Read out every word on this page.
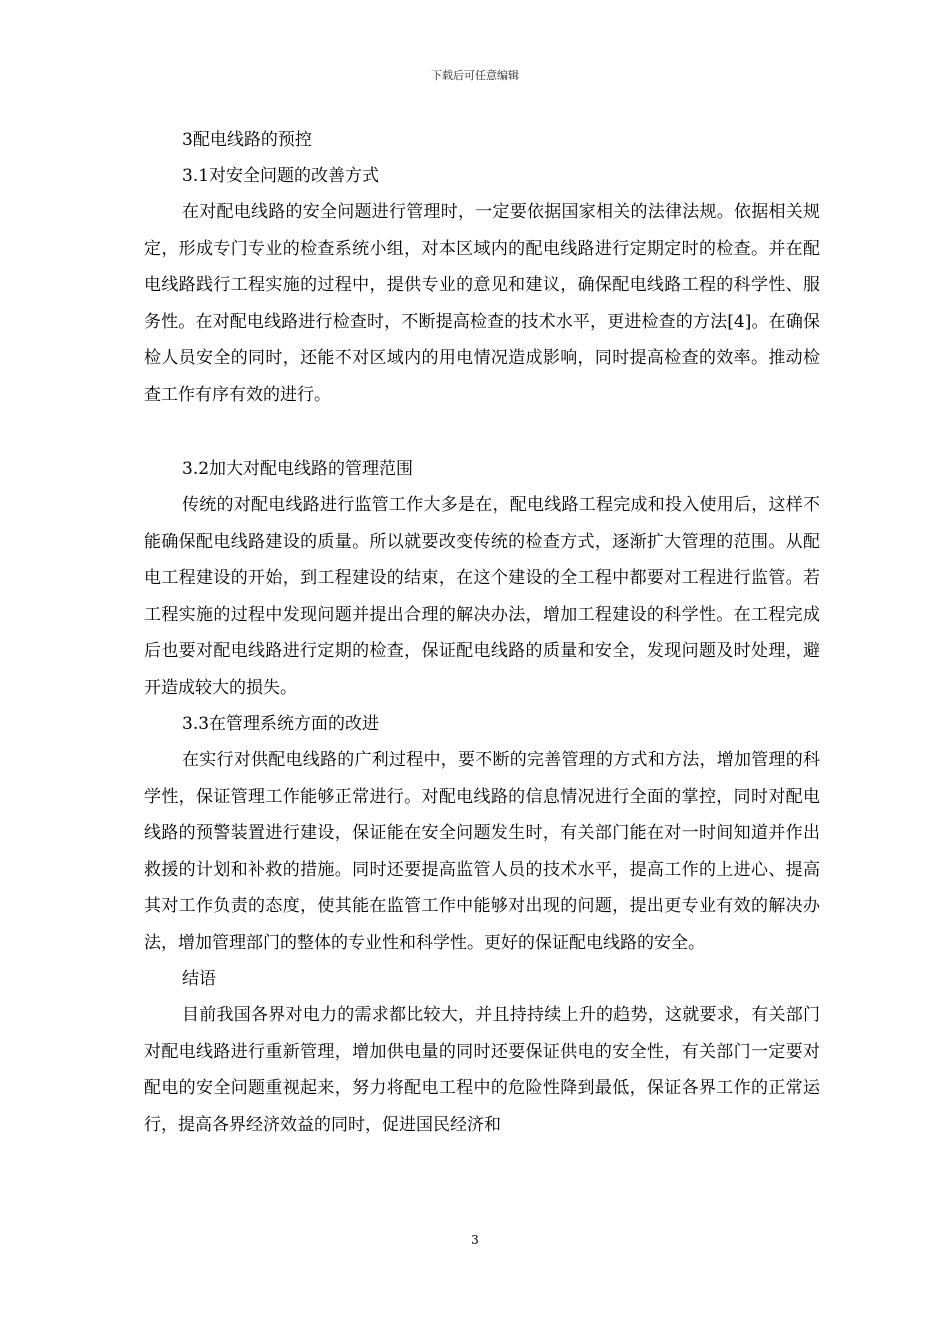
下载后可任意编辑

3配电线路的预控

3.1对安全问题的改善方式

在对配电线路的安全问题进行管理时，一定要依据国家相关的法律法规。依据相关规定，形成专门专业的检查系统小组，对本区域内的配电线路进行定期定时的检查。并在配电线路践行工程实施的过程中，提供专业的意见和建议，确保配电线路工程的科学性、服务性。在对配电线路进行检查时，不断提高检查的技术水平，更进检查的方法[4]。在确保检人员安全的同时，还能不对区域内的用电情况造成影响，同时提高检查的效率。推动检查工作有序有效的进行。

3.2加大对配电线路的管理范围

传统的对配电线路进行监管工作大多是在，配电线路工程完成和投入使用后，这样不能确保配电线路建设的质量。所以就要改变传统的检查方式，逐渐扩大管理的范围。从配电工程建设的开始，到工程建设的结束，在这个建设的全工程中都要对工程进行监管。若工程实施的过程中发现问题并提出合理的解决办法，增加工程建设的科学性。在工程完成后也要对配电线路进行定期的检查，保证配电线路的质量和安全，发现问题及时处理，避开造成较大的损失。

3.3在管理系统方面的改进

在实行对供配电线路的广利过程中，要不断的完善管理的方式和方法，增加管理的科学性，保证管理工作能够正常进行。对配电线路的信息情况进行全面的掌控，同时对配电线路的预警装置进行建设，保证能在安全问题发生时，有关部门能在对一时间知道并作出救援的计划和补救的措施。同时还要提高监管人员的技术水平，提高工作的上进心、提高其对工作负责的态度，使其能在监管工作中能够对出现的问题，提出更专业有效的解决办法，增加管理部门的整体的专业性和科学性。更好的保证配电线路的安全。

结语

目前我国各界对电力的需求都比较大，并且持持续上升的趋势，这就要求，有关部门对配电线路进行重新管理，增加供电量的同时还要保证供电的安全性，有关部门一定要对配电的安全问题重视起来，努力将配电工程中的危险性降到最低，保证各界工作的正常运行，提高各界经济效益的同时，促进国民经济和

3
